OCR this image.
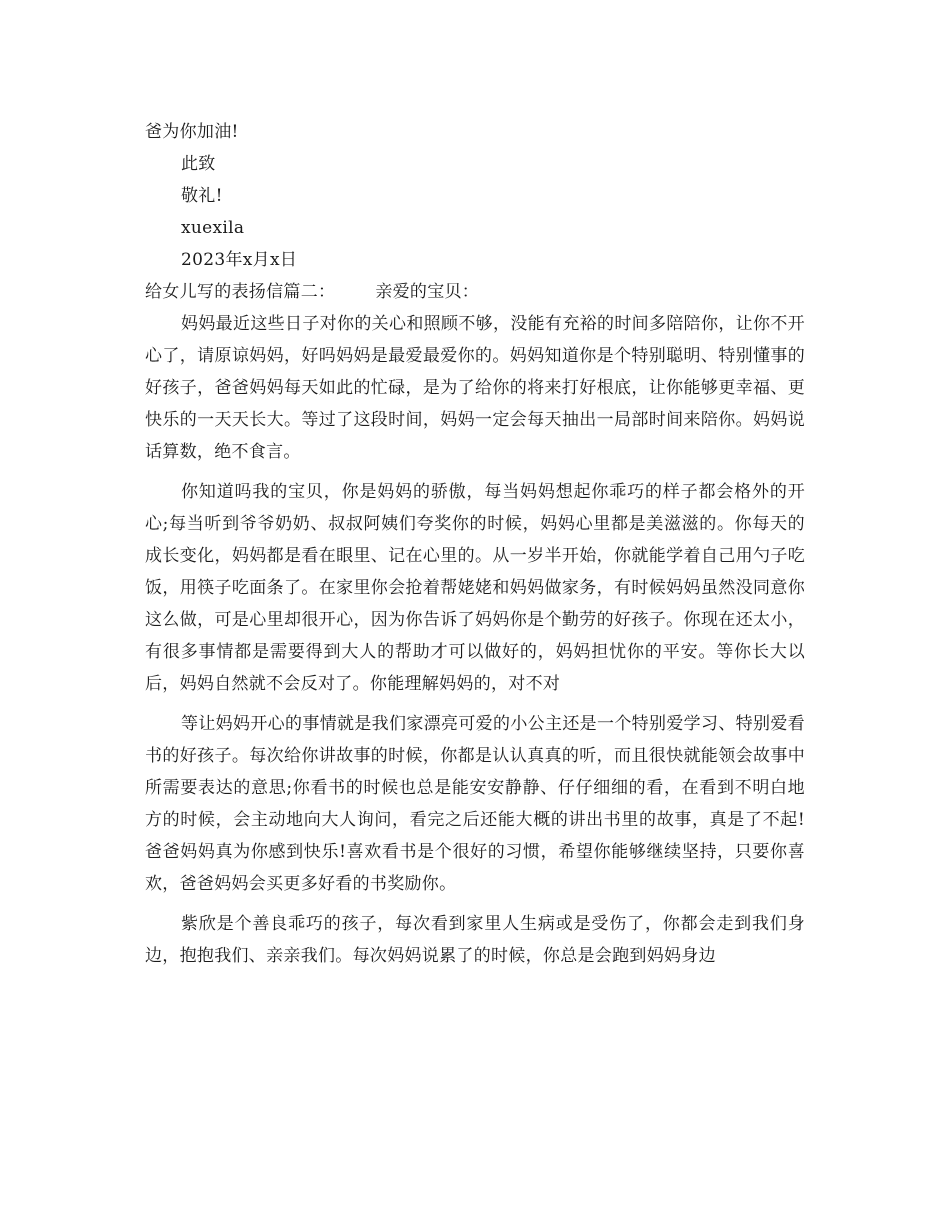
爸为你加油!
此致
敬礼!
xuexila
2023年x月x日
给女儿写的表扬信篇二： 亲爱的宝贝：

妈妈最近这些日子对你的关心和照顾不够，没能有充裕的时间多陪陪你，让你不开心了，请原谅妈妈，好吗妈妈是最爱最爱你的。妈妈知道你是个特别聪明、特别懂事的好孩子，爸爸妈妈每天如此的忙碌，是为了给你的将来打好根底，让你能够更幸福、更快乐的一天天长大。等过了这段时间，妈妈一定会每天抽出一局部时间来陪你。妈妈说话算数，绝不食言。

你知道吗我的宝贝，你是妈妈的骄傲，每当妈妈想起你乖巧的样子都会格外的开心;每当听到爷爷奶奶、叔叔阿姨们夸奖你的时候，妈妈心里都是美滋滋的。你每天的成长变化，妈妈都是看在眼里、记在心里的。从一岁半开始，你就能学着自己用勺子吃饭，用筷子吃面条了。在家里你会抢着帮姥姥和妈妈做家务，有时候妈妈虽然没同意你这么做，可是心里却很开心，因为你告诉了妈妈你是个勤劳的好孩子。你现在还太小，有很多事情都是需要得到大人的帮助才可以做好的，妈妈担忧你的平安。等你长大以后，妈妈自然就不会反对了。你能理解妈妈的，对不对

等让妈妈开心的事情就是我们家漂亮可爱的小公主还是一个特别爱学习、特别爱看书的好孩子。每次给你讲故事的时候，你都是认认真真的听，而且很快就能领会故事中所需要表达的意思;你看书的时候也总是能安安静静、仔仔细细的看，在看到不明白地方的时候，会主动地向大人询问，看完之后还能大概的讲出书里的故事，真是了不起!爸爸妈妈真为你感到快乐!喜欢看书是个很好的习惯，希望你能够继续坚持，只要你喜欢，爸爸妈妈会买更多好看的书奖励你。

紫欣是个善良乖巧的孩子，每次看到家里人生病或是受伤了，你都会走到我们身边，抱抱我们、亲亲我们。每次妈妈说累了的时候，你总是会跑到妈妈身边
